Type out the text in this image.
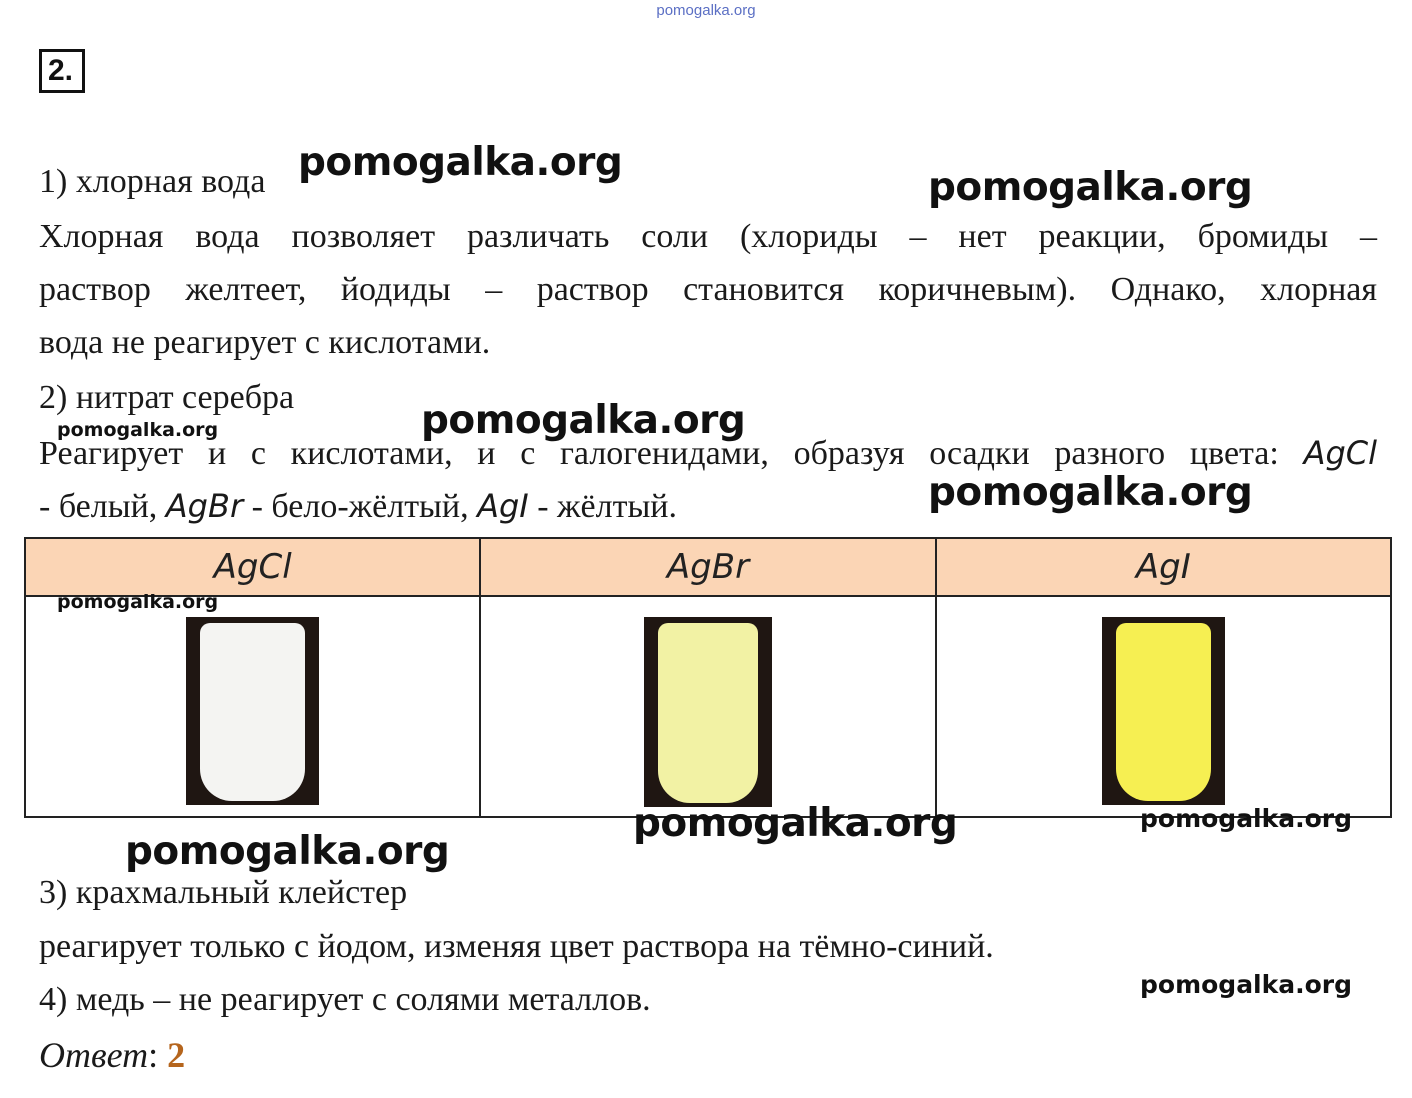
pomogalka.org
2.
1) хлорная вода
Хлорная вода позволяет различать соли (хлориды – нет реакции, бромиды –
раствор желтеет, йодиды – раствор становится коричневым). Однако, хлорная
вода не реагирует с кислотами.
2) нитрат серебра
Реагирует и с кислотами, и с галогенидами, образуя осадки разного цвета: AgCl
- белый, AgBr - бело-жёлтый, AgI - жёлтый.
AgCl	AgBr	AgI

3) крахмальный клейстер
реагирует только с йодом, изменяя цвет раствора на тёмно-синий.
4) медь – не реагирует с солями металлов.
Ответ: 2
pomogalka.org
pomogalka.org
pomogalka.org
pomogalka.org
pomogalka.org
pomogalka.org
pomogalka.org	pomogalka.org
pomogalka.org
pomogalka.org
